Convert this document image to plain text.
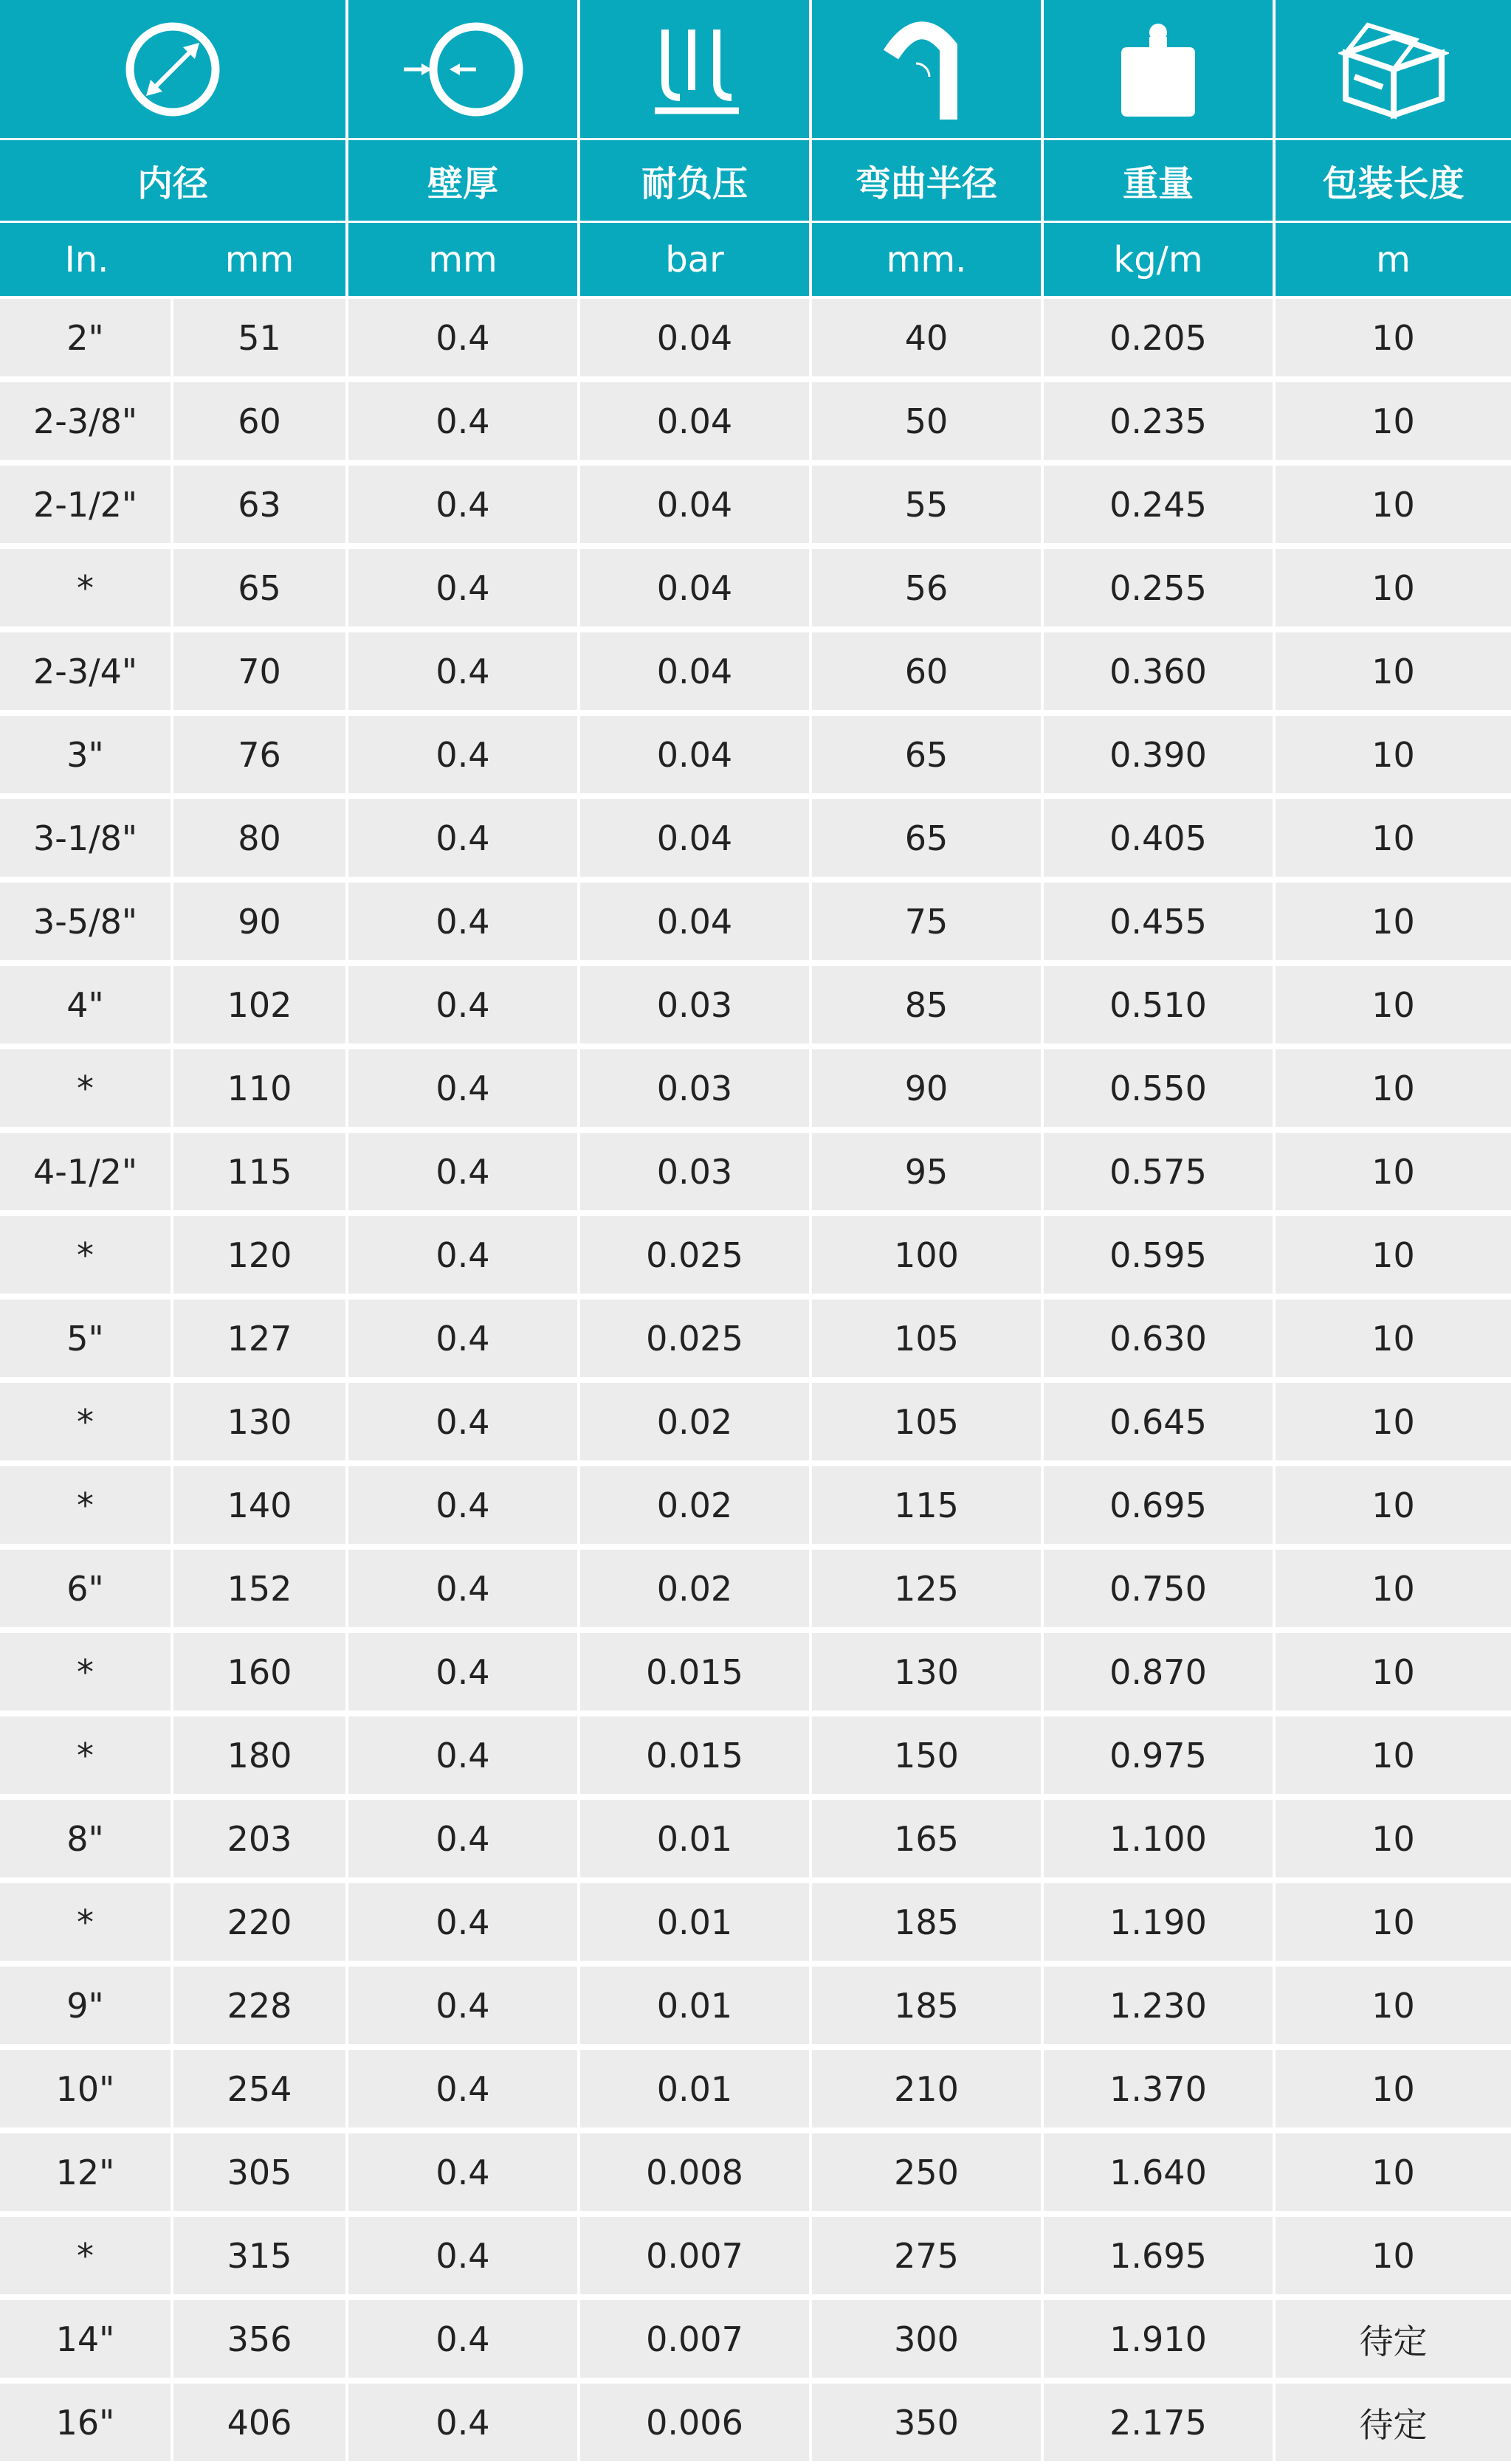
内径	壁厚	耐负压	弯曲半径	重量	包装长度
In.	mm	mm	bar	mm.	kg/m	m
2"	51	0.4	0.04	40	0.205	10
2-3/8"	60	0.4	0.04	50	0.235	10
2-1/2"	63	0.4	0.04	55	0.245	10
*	65	0.4	0.04	56	0.255	10
2-3/4"	70	0.4	0.04	60	0.360	10
3"	76	0.4	0.04	65	0.390	10
3-1/8"	80	0.4	0.04	65	0.405	10
3-5/8"	90	0.4	0.04	75	0.455	10
4"	102	0.4	0.03	85	0.510	10
*	110	0.4	0.03	90	0.550	10
4-1/2"	115	0.4	0.03	95	0.575	10
*	120	0.4	0.025	100	0.595	10
5"	127	0.4	0.025	105	0.630	10
*	130	0.4	0.02	105	0.645	10
*	140	0.4	0.02	115	0.695	10
6"	152	0.4	0.02	125	0.750	10
*	160	0.4	0.015	130	0.870	10
*	180	0.4	0.015	150	0.975	10
8"	203	0.4	0.01	165	1.100	10
*	220	0.4	0.01	185	1.190	10
9"	228	0.4	0.01	185	1.230	10
10"	254	0.4	0.01	210	1.370	10
12"	305	0.4	0.008	250	1.640	10
*	315	0.4	0.007	275	1.695	10
14"	356	0.4	0.007	300	1.910	待定
16"	406	0.4	0.006	350	2.175	待定
